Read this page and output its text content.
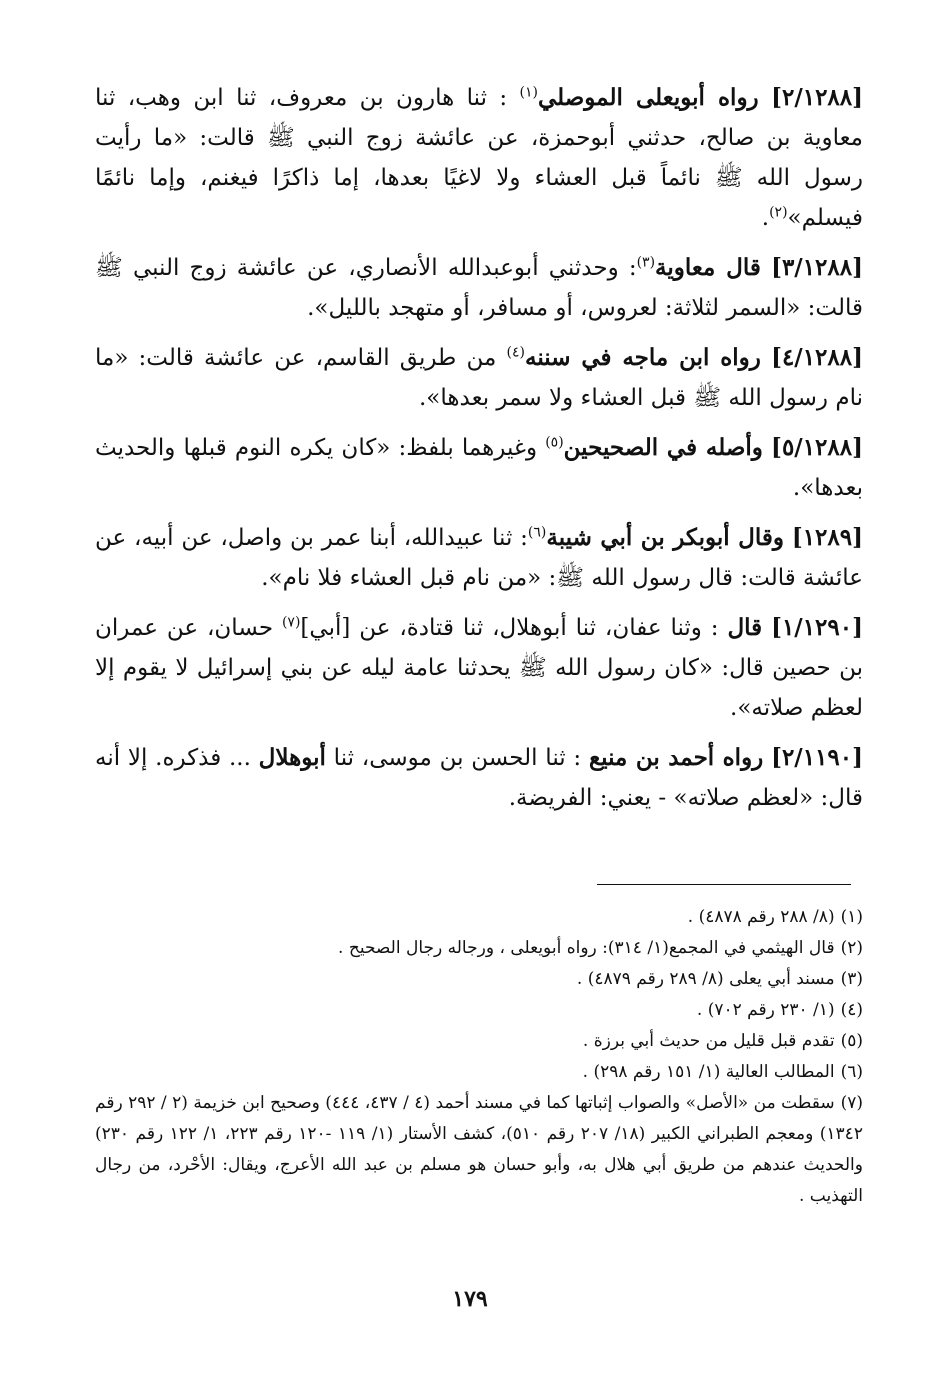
[٢/١٢٨٨] رواه أبويعلى الموصلي$^{(١)}$ : ثنا هارون بن معروف، ثنا ابن وهب، ثنا معاوية بن صالح، حدثني أبوحمزة، عن عائشة زوج النبي ﷺ قالت: «ما رأيت رسول الله ﷺ نائماً قبل العشاء ولا لاغيًا بعدها، إما ذاكرًا فيغنم، وإما نائمًا فيسلم»$^{(٢)}$.

[٣/١٢٨٨] قال معاوية$^{(٣)}$: وحدثني أبوعبدالله الأنصاري، عن عائشة زوج النبي ﷺ قالت: «السمر لثلاثة: لعروس، أو مسافر، أو متهجد بالليل».

[٤/١٢٨٨] رواه ابن ماجه في سننه$^{(٤)}$ من طريق القاسم، عن عائشة قالت: «ما نام رسول الله ﷺ قبل العشاء ولا سمر بعدها».

[٥/١٢٨٨] وأصله في الصحيحين$^{(٥)}$ وغيرهما بلفظ: «كان يكره النوم قبلها والحديث بعدها».

[١٢٨٩] وقال أبوبكر بن أبي شيبة$^{(٦)}$: ثنا عبيدالله، أبنا عمر بن واصل، عن أبيه، عن عائشة قالت: قال رسول الله ﷺ: «من نام قبل العشاء فلا نام».

[١/١٢٩٠] قال : وثنا عفان، ثنا أبوهلال، ثنا قتادة، عن [أبي]$^{(٧)}$ حسان، عن عمران بن حصين قال: «كان رسول الله ﷺ يحدثنا عامة ليله عن بني إسرائيل لا يقوم إلا لعظم صلاته».

[٢/١١٩٠] رواه أحمد بن منيع : ثنا الحسن بن موسى، ثنا أبوهلال ... فذكره. إلا أنه قال: «لعظم صلاته» - يعني: الفريضة.

(١)(٨/ ٢٨٨ رقم ٤٨٧٨) .

(٢)قال الهيثمي في المجمع(١/ ٣١٤): رواه أبويعلى ، ورجاله رجال الصحيح .

(٣)مسند أبي يعلى (٨/ ٢٨٩ رقم ٤٨٧٩) .

(٤)(١/ ٢٣٠ رقم ٧٠٢) .

(٥)تقدم قبل قليل من حديث أبي برزة .

(٦)المطالب العالية (١/ ١٥١ رقم ٢٩٨) .

(٧)سقطت من «الأصل» والصواب إثباتها كما في مسند أحمد (٤ / ٤٣٧، ٤٤٤) وصحيح ابن خزيمة (٢ / ٢٩٢ رقم ١٣٤٢) ومعجم الطبراني الكبير (١٨/ ٢٠٧ رقم ٥١٠)، كشف الأستار (١/ ١١٩ -١٢٠ رقم ٢٢٣، ١/ ١٢٢ رقم ٢٣٠) والحديث عندهم من طريق أبي هلال به، وأبو حسان هو مسلم بن عبد الله الأعرج، ويقال: الأحْرد، من رجال التهذيب .

١٧٩
